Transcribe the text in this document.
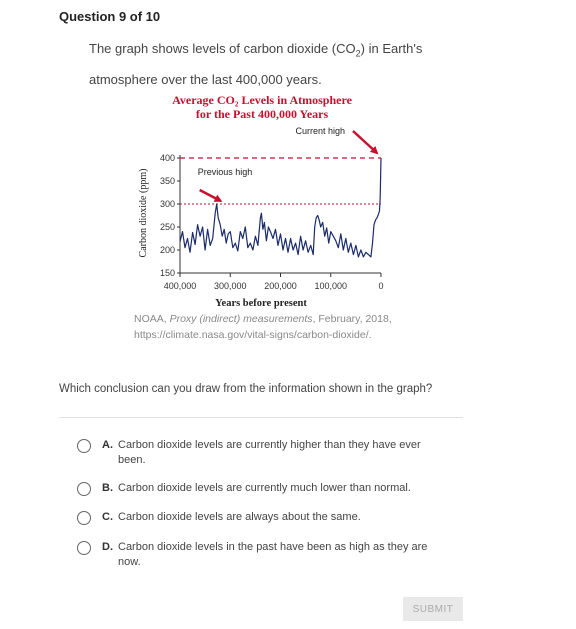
Question 9 of 10
The graph shows levels of carbon dioxide $(CO_2)$ in Earth's
atmosphere over the last 400,000 years.
Average CO₂ Levels in Atmosphere
for the Past 400,000 Years
Years before present
Carbon dioxide (ppm)
400
350
300
250
200
150
400,000 300,000 200,000 100,000	0
Current high
Previous high
NOAA, Proxy (indirect) measurements, February, 2018,
https://climate.nasa.gov/vital-signs/carbon-dioxide/.
Which conclusion can you draw from the information shown in the graph?
A. Carbon dioxide levels are currently higher than they have ever been.
B. Carbon dioxide levels are currently much lower than normal.
C. Carbon dioxide levels are always about the same.
D. Carbon dioxide levels in the past have been as high as they are now.
SUBMIT
